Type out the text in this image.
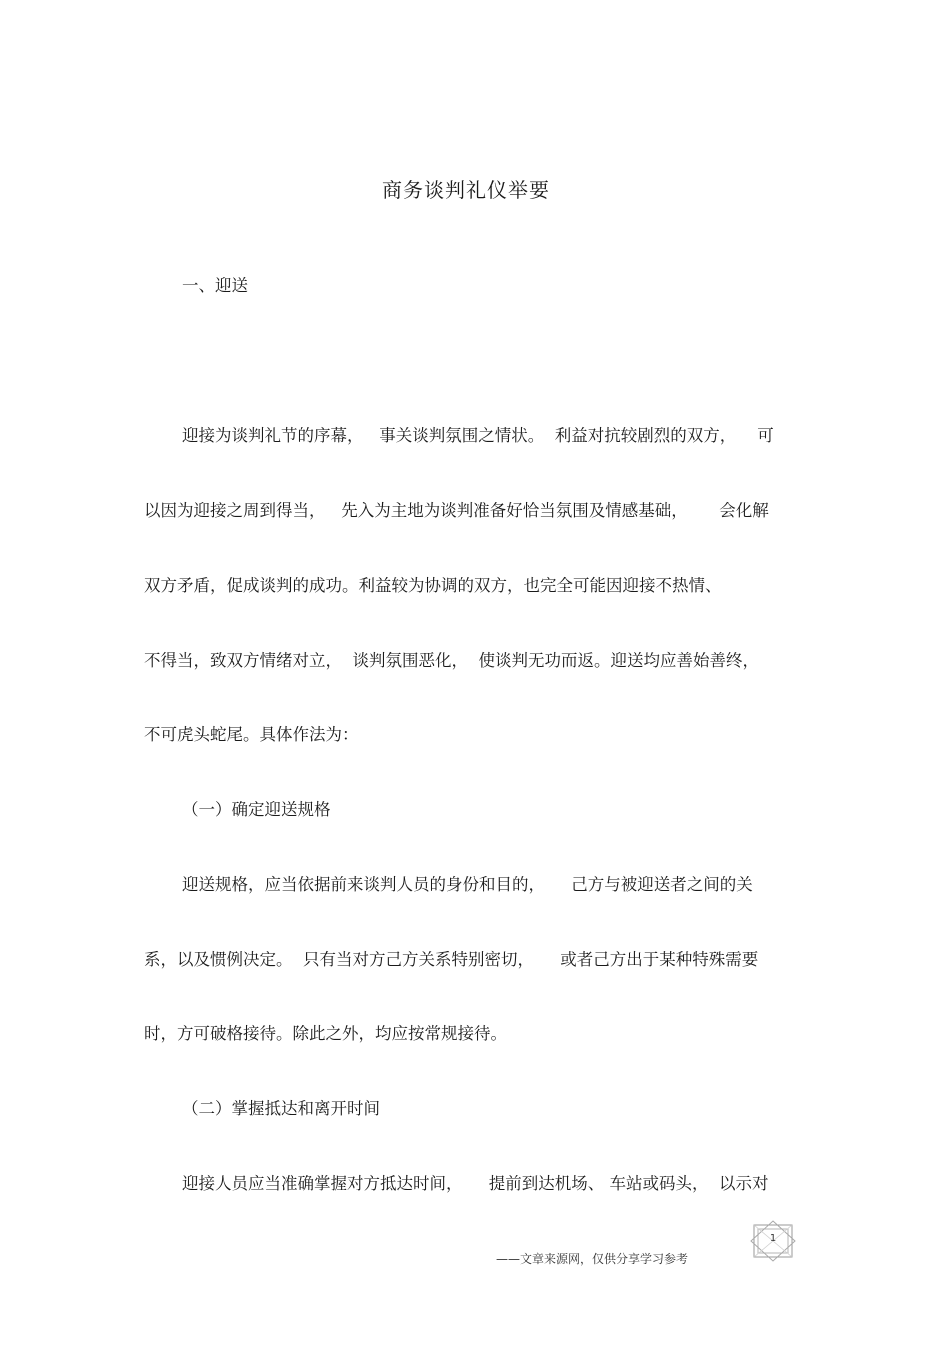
商务谈判礼仪举要
一、迎送
迎接为谈判礼节的序幕，   事关谈判氛围之情状。  利益对抗较剧烈的双方，    可
以因为迎接之周到得当，   先入为主地为谈判准备好恰当氛围及情感基础，      会化解
双方矛盾，促成谈判的成功。利益较为协调的双方，也完全可能因迎接不热情、
不得当，致双方情绪对立，  谈判氛围恶化，  使谈判无功而返。迎送均应善始善终，
不可虎头蛇尾。具体作法为：
（一）确定迎送规格
迎送规格，应当依据前来谈判人员的身份和目的，     己方与被迎送者之间的关
系，以及惯例决定。  只有当对方己方关系特别密切，     或者己方出于某种特殊需要
时，方可破格接待。除此之外，均应按常规接待。
（二）掌握抵达和离开时间
迎接人员应当准确掌握对方抵达时间，     提前到达机场、 车站或码头，  以示对
1
——文章来源网，仅供分享学习参考
